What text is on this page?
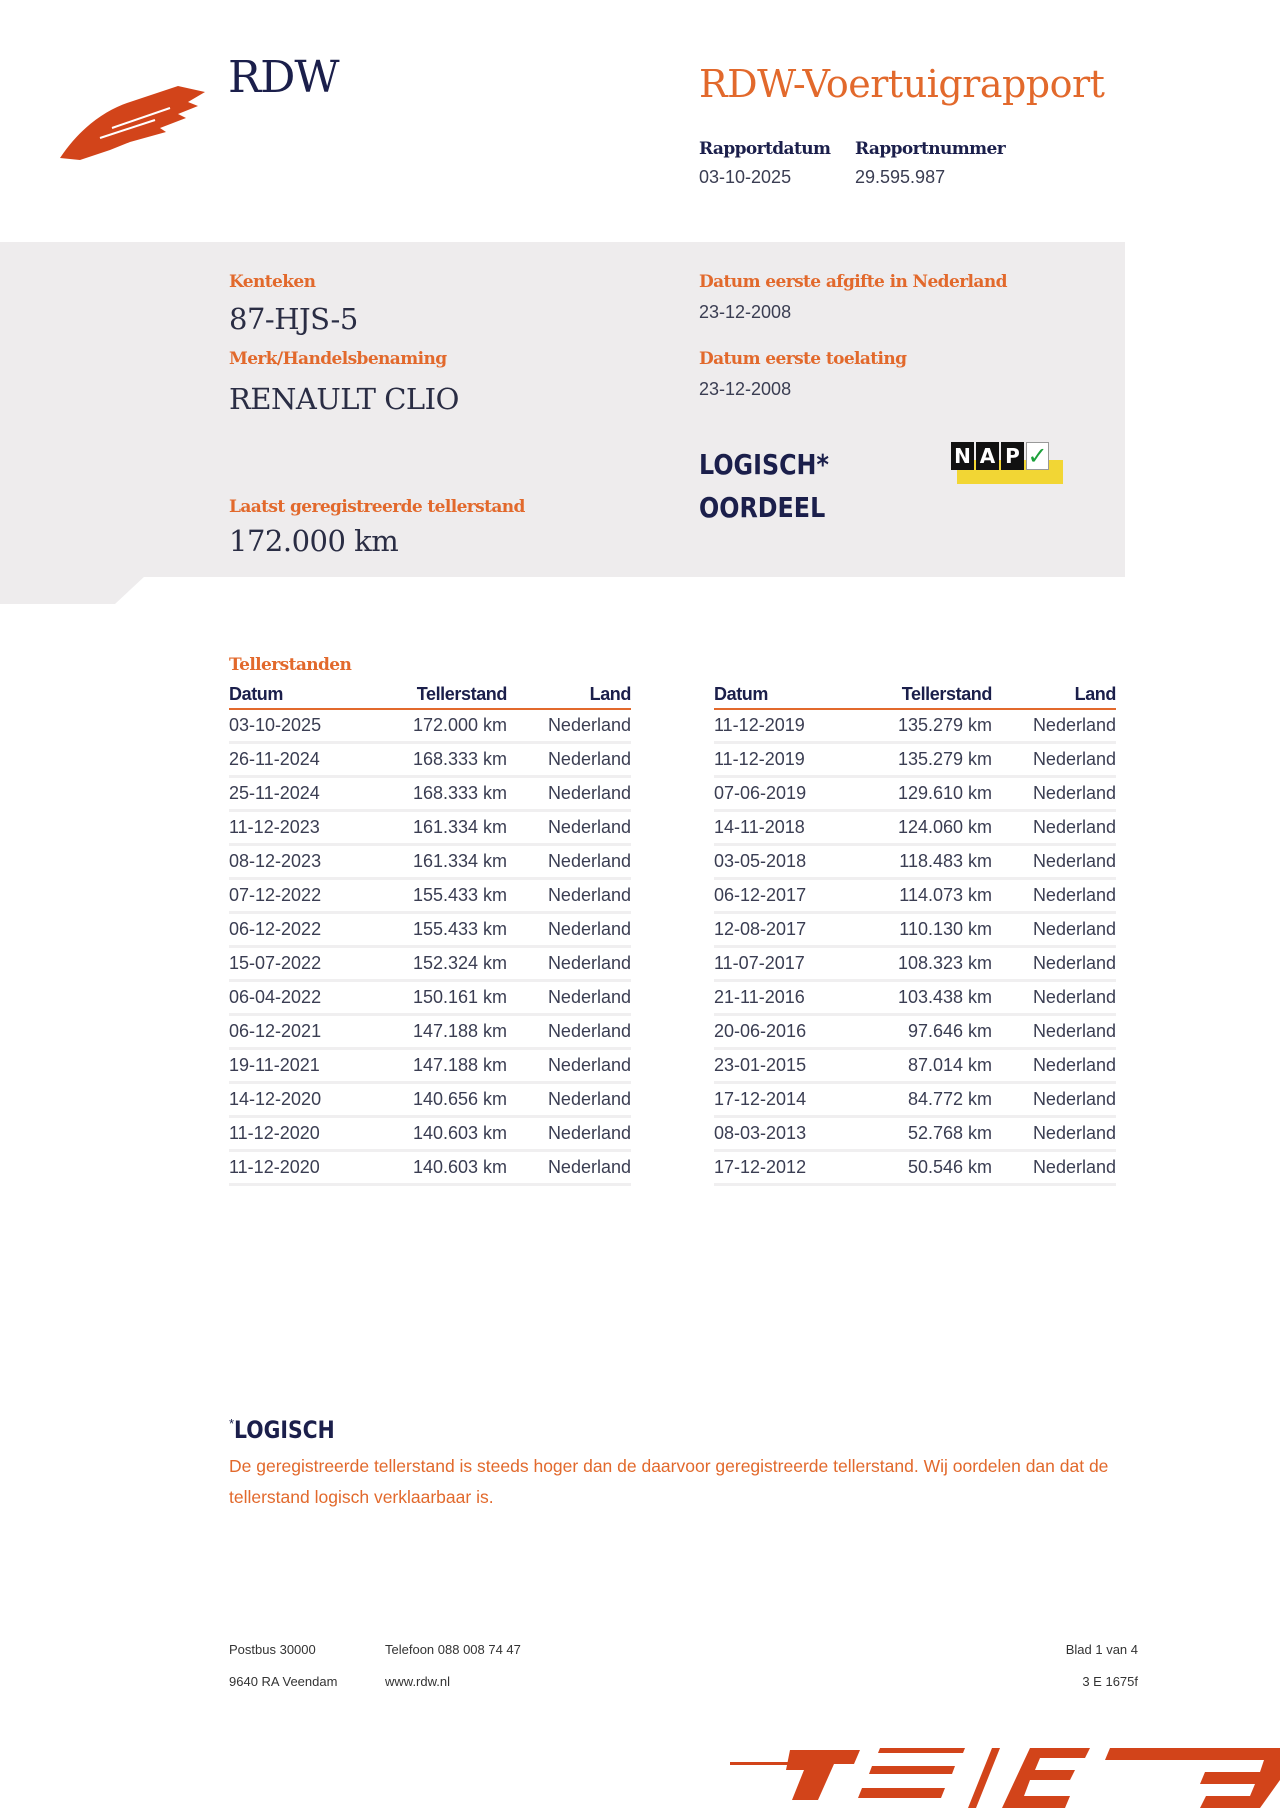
RDW	RDW-Voertuigrapport
Rapportdatum
03-10-2025
Rapportnummer
29.595.987
Kenteken
87-HJS-5
Merk/Handelsbenaming
RENAULT CLIO
Laatst geregistreerde tellerstand
172.000 km
Datum eerste afgifte in Nederland
23-12-2008
Datum eerste toelating
23-12-2008
LOGISCH*
OORDEEL
N A P ✓
Tellerstanden
Datum	Tellerstand	Land
03-10-2025	172.000 km	Nederland
26-11-2024	168.333 km	Nederland
25-11-2024	168.333 km	Nederland
11-12-2023	161.334 km	Nederland
08-12-2023	161.334 km	Nederland
07-12-2022	155.433 km	Nederland
06-12-2022	155.433 km	Nederland
15-07-2022	152.324 km	Nederland
06-04-2022	150.161 km	Nederland
06-12-2021	147.188 km	Nederland
19-11-2021	147.188 km	Nederland
14-12-2020	140.656 km	Nederland
11-12-2020	140.603 km	Nederland
11-12-2020	140.603 km	Nederland
Datum	Tellerstand	Land
11-12-2019	135.279 km	Nederland
11-12-2019	135.279 km	Nederland
07-06-2019	129.610 km	Nederland
14-11-2018	124.060 km	Nederland
03-05-2018	118.483 km	Nederland
06-12-2017	114.073 km	Nederland
12-08-2017	110.130 km	Nederland
11-07-2017	108.323 km	Nederland
21-11-2016	103.438 km	Nederland
20-06-2016	97.646 km	Nederland
23-01-2015	87.014 km	Nederland
17-12-2014	84.772 km	Nederland
08-03-2013	52.768 km	Nederland
17-12-2012	50.546 km	Nederland
*LOGISCH
De geregistreerde tellerstand is steeds hoger dan de daarvoor geregistreerde tellerstand. Wij oordelen dan dat de tellerstand logisch verklaarbaar is.
Postbus 30000
9640 RA Veendam
Telefoon 088 008 74 47
www.rdw.nl
Blad 1 van 4
3 E 1675f
